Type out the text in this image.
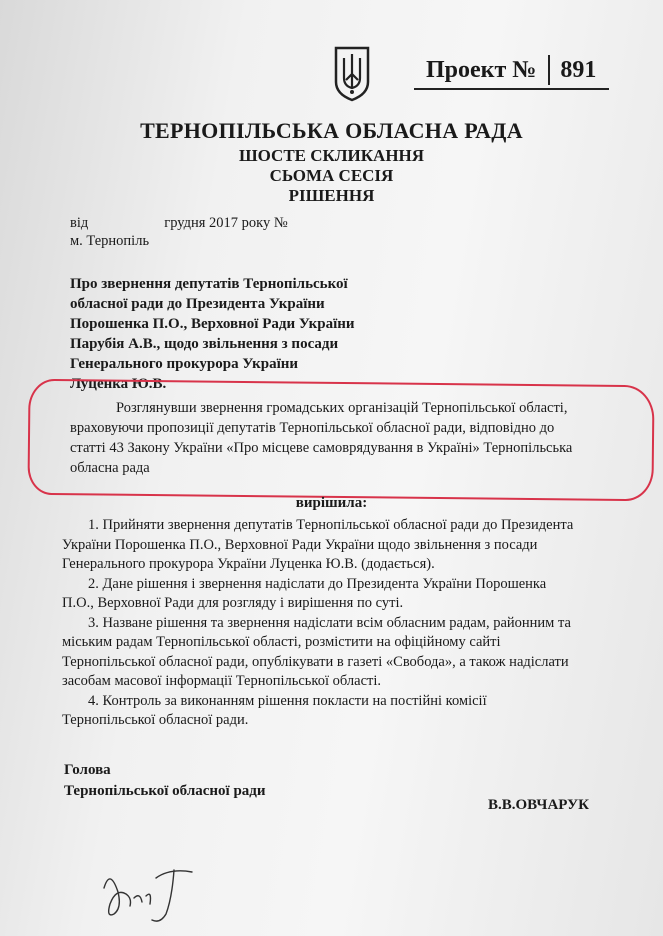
Проект № 891
ТЕРНОПІЛЬСЬКА ОБЛАСНА РАДА
ШОСТЕ СКЛИКАННЯ
СЬОМА СЕСІЯ
РІШЕННЯ
від	грудня 2017 року №
м. Тернопіль
Про звернення депутатів Тернопільської
обласної ради до Президента України
Порошенка П.О., Верховної Ради України
Парубія А.В., щодо звільнення з посади
Генерального прокурора України
Луценка Ю.В.
Розглянувши звернення громадських організацій Тернопільської області,
враховуючи пропозиції депутатів Тернопільської обласної ради, відповідно до
статті 43 Закону України «Про місцеве самоврядування в Україні» Тернопільська
обласна рада
вирішила:
1. Прийняти звернення депутатів Тернопільської обласної ради до Президента
України Порошенка П.О., Верховної Ради України щодо звільнення з посади
Генерального прокурора України Луценка Ю.В. (додається).
2. Дане рішення і звернення надіслати до Президента України Порошенка
П.О., Верховної Ради для розгляду і вирішення по суті.
3. Назване рішення та звернення надіслати всім обласним радам, районним та
міським радам Тернопільської області, розмістити на офіційному сайті
Тернопільської обласної ради, опублікувати в газеті «Свобода», а також надіслати
засобам масової інформації Тернопільської області.
4. Контроль за виконанням рішення покласти на постійні комісії
Тернопільської обласної ради.
Голова
Тернопільської обласної ради
В.В.ОВЧАРУК
